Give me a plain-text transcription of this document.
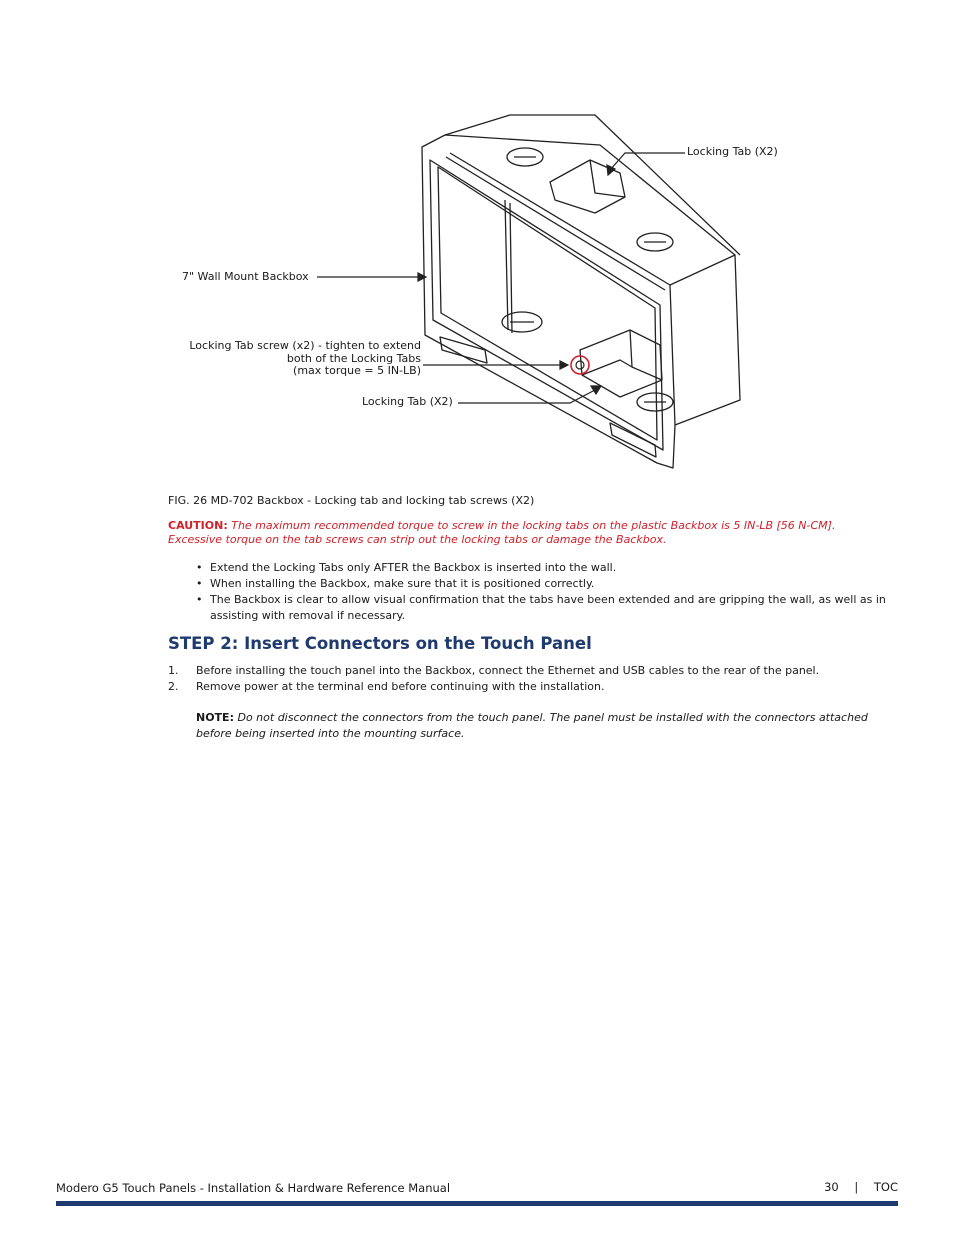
Locking Tab (X2)
7" Wall Mount Backbox
Locking Tab screw (x2) - tighten to extend
both of the Locking Tabs
(max torque = 5 IN-LB)
Locking Tab (X2)
FIG. 26 MD-702 Backbox - Locking tab and locking tab screws (X2)
CAUTION: The maximum recommended torque to screw in the locking tabs on the plastic Backbox is 5 IN-LB [56 N-CM]. Excessive torque on the tab screws can strip out the locking tabs or damage the Backbox.
• Extend the Locking Tabs only AFTER the Backbox is inserted into the wall.
• When installing the Backbox, make sure that it is positioned correctly.
• The Backbox is clear to allow visual confirmation that the tabs have been extended and are gripping the wall, as well as in assisting with removal if necessary.
STEP 2: Insert Connectors on the Touch Panel
1. Before installing the touch panel into the Backbox, connect the Ethernet and USB cables to the rear of the panel.
2. Remove power at the terminal end before continuing with the installation.
NOTE: Do not disconnect the connectors from the touch panel. The panel must be installed with the connectors attached before being inserted into the mounting surface.
Modero G5 Touch Panels - Installation & Hardware Reference Manual	30 | TOC
